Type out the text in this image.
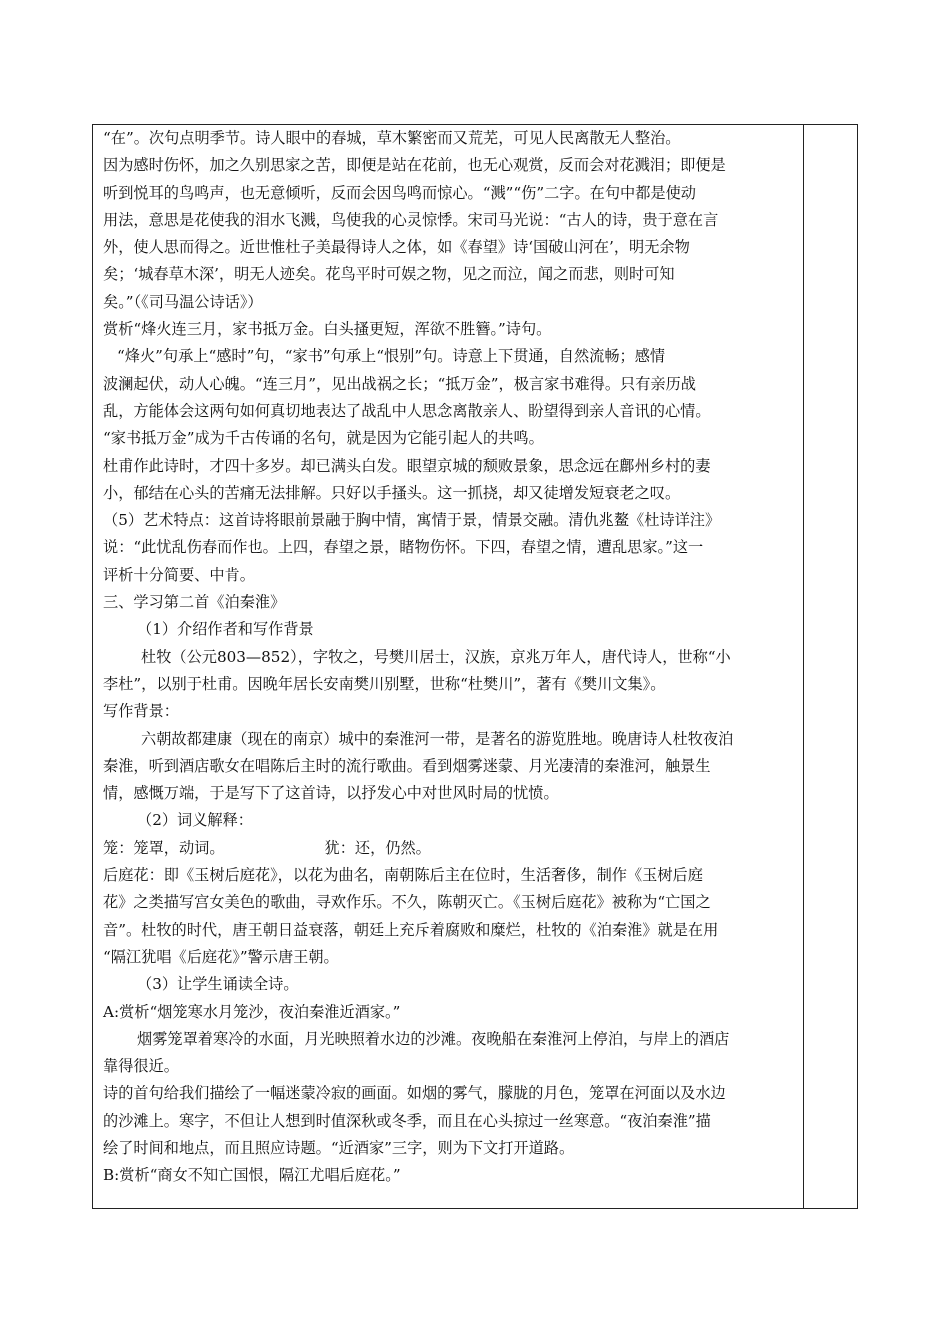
“在”。次句点明季节。诗人眼中的春城，草木繁密而又荒芜，可见人民离散无人整治。

因为感时伤怀，加之久别思家之苦，即便是站在花前，也无心观赏，反而会对花溅泪；即便是

听到悦耳的鸟鸣声，也无意倾听，反而会因鸟鸣而惊心。“溅”“伤”二字。在句中都是使动

用法，意思是花使我的泪水飞溅，鸟使我的心灵惊悸。宋司马光说：“古人的诗，贵于意在言

外，使人思而得之。近世惟杜子美最得诗人之体，如《春望》诗‘国破山河在’，明无余物

矣；‘城春草木深’，明无人迹矣。花鸟平时可娱之物，见之而泣，闻之而悲，则时可知

矣。”（《司马温公诗话》）

赏析“烽火连三月，家书抵万金。白头搔更短，浑欲不胜簪。”诗句。

“烽火”句承上“感时”句，“家书”句承上“恨别”句。诗意上下贯通，自然流畅；感情

波澜起伏，动人心魄。“连三月”，见出战祸之长；“抵万金”，极言家书难得。只有亲历战

乱，方能体会这两句如何真切地表达了战乱中人思念离散亲人、盼望得到亲人音讯的心情。

“家书抵万金”成为千古传诵的名句，就是因为它能引起人的共鸣。

杜甫作此诗时，才四十多岁。却已满头白发。眼望京城的颓败景象，思念远在鄜州乡村的妻

小，郁结在心头的苦痛无法排解。只好以手搔头。这一抓挠，却又徒增发短衰老之叹。

（5）艺术特点：这首诗将眼前景融于胸中情，寓情于景，情景交融。清仇兆鳌《杜诗详注》

说：“此忧乱伤春而作也。上四，春望之景，睹物伤怀。下四，春望之情，遭乱思家。”这一

评析十分简要、中肯。

三、学习第二首《泊秦淮》

（1）介绍作者和写作背景

杜牧（公元803—852），字牧之，号樊川居士，汉族，京兆万年人，唐代诗人，世称“小

李杜”，以别于杜甫。因晚年居长安南樊川别墅，世称“杜樊川”，著有《樊川文集》。

写作背景：

六朝故都建康（现在的南京）城中的秦淮河一带，是著名的游览胜地。晚唐诗人杜牧夜泊

秦淮，听到酒店歌女在唱陈后主时的流行歌曲。看到烟雾迷蒙、月光凄清的秦淮河，触景生

情，感慨万端，于是写下了这首诗，以抒发心中对世风时局的忧愤。

（2）词义解释：

笼：笼罩，动词。	犹：还，仍然。

后庭花：即《玉树后庭花》，以花为曲名，南朝陈后主在位时，生活奢侈，制作《玉树后庭

花》之类描写宫女美色的歌曲，寻欢作乐。不久，陈朝灭亡。《玉树后庭花》被称为“亡国之

音”。杜牧的时代，唐王朝日益衰落，朝廷上充斥着腐败和糜烂，杜牧的《泊秦淮》就是在用

“隔江犹唱《后庭花》”警示唐王朝。

（3）让学生诵读全诗。

A:赏析“烟笼寒水月笼沙，夜泊秦淮近酒家。”

烟雾笼罩着寒冷的水面，月光映照着水边的沙滩。夜晚船在秦淮河上停泊，与岸上的酒店

靠得很近。

诗的首句给我们描绘了一幅迷蒙冷寂的画面。如烟的雾气，朦胧的月色，笼罩在河面以及水边

的沙滩上。寒字，不但让人想到时值深秋或冬季，而且在心头掠过一丝寒意。“夜泊秦淮”描

绘了时间和地点，而且照应诗题。“近酒家”三字，则为下文打开道路。

B:赏析“商女不知亡国恨，隔江尤唱后庭花。”
